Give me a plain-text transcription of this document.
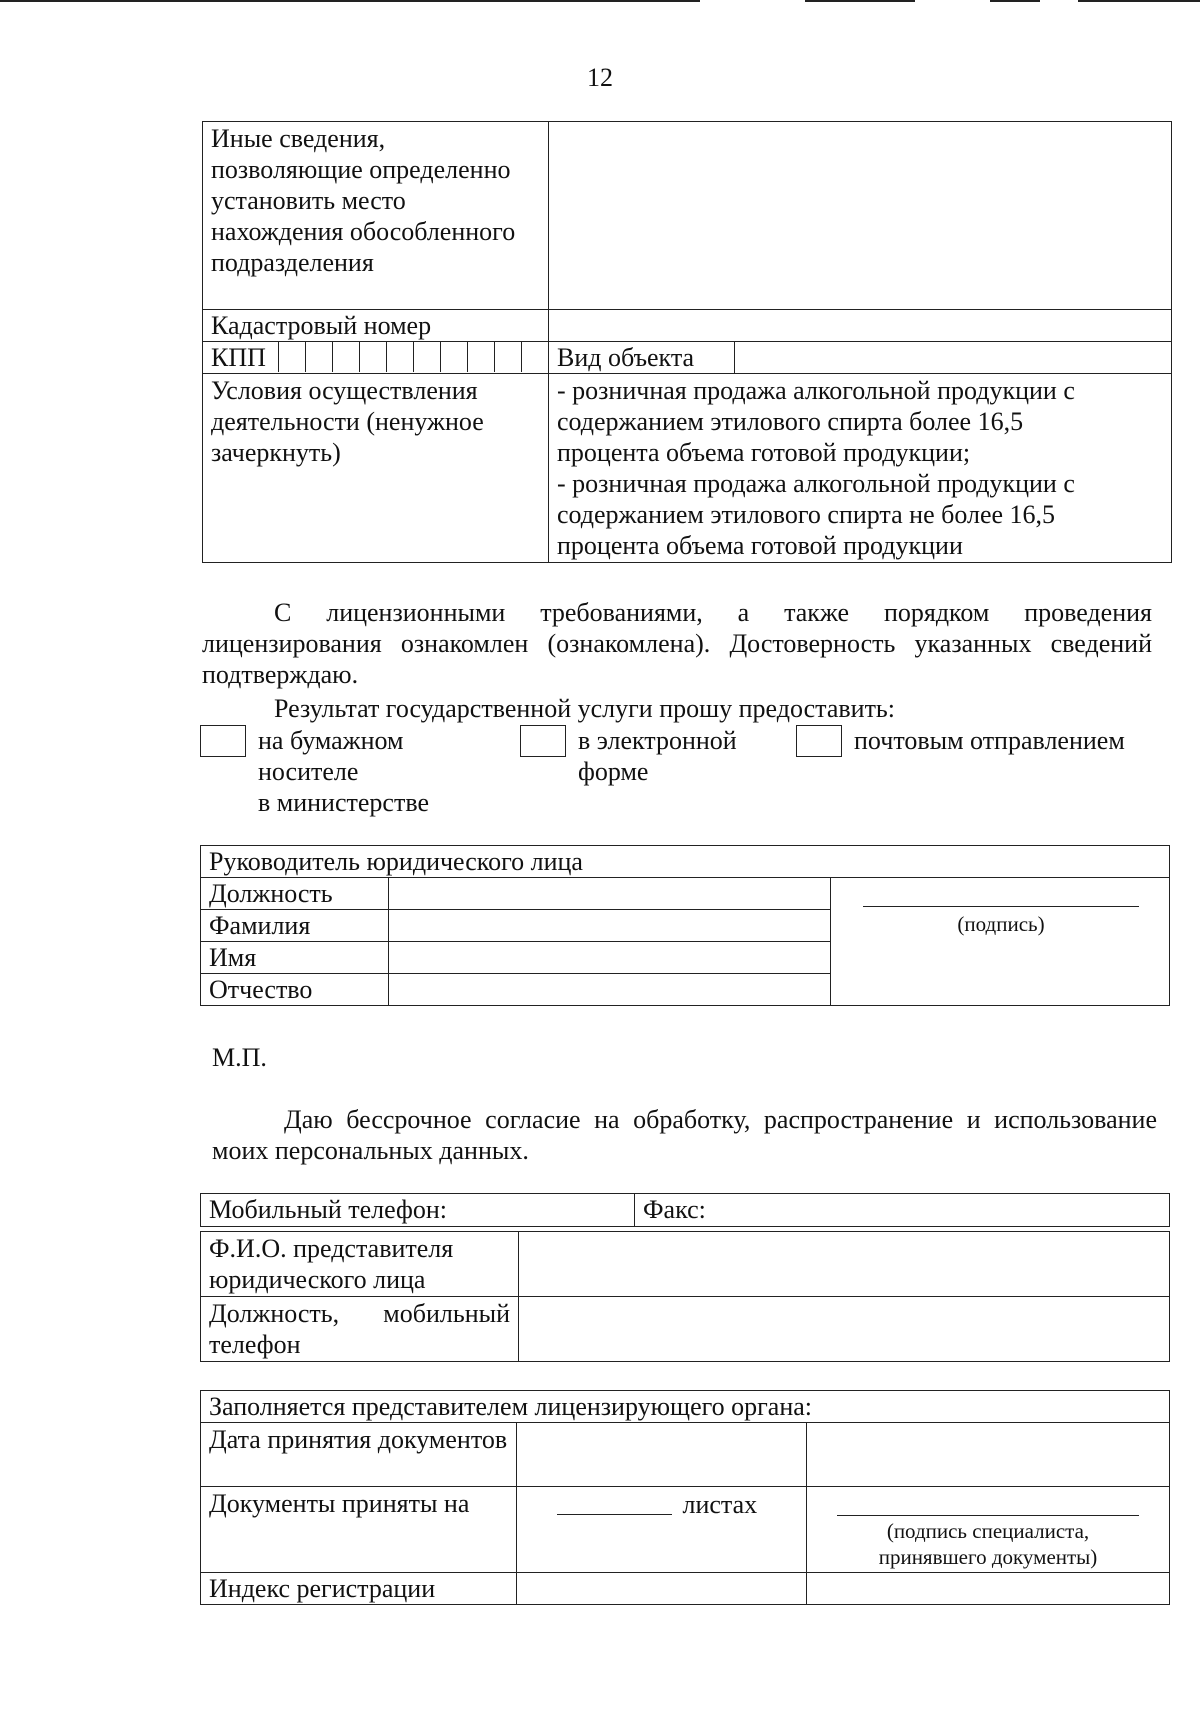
12
Иные сведения, позволяющие определенно установить место нахождения обособленного подразделения		
Кадастровый номер		

КПП	Вид объекта	
Условия осуществления деятельности (ненужное зачеркнуть)	- розничная продажа алкогольной продукции с содержанием этилового спирта более 16,5 процента объема готовой продукции;
- розничная продажа алкогольной продукции с содержанием этилового спирта не более 16,5 процента объема готовой продукции	
С лицензионными требованиями, а также порядком проведения лицензирования ознакомлен (ознакомлена). Достоверность указанных сведений подтверждаю.
Результат государственной услуги прошу предоставить:
на бумажном
носителе
в министерстве
в электронной
форме
почтовым отправлением
Руководитель юридического лица		
Должность		(подпись)

Фамилия		
Имя		
Отчество		
М.П.
Даю бессрочное согласие на обработку, распространение и использование моих персональных данных.
Мобильный телефон:	Факс:
Ф.И.О. представителя юридического лица	
Должность, мобильный телефон	
Заполняется представителем лицензирующего органа:		
Дата принятия документов		
Документы приняты на	листах	(подпись специалиста, принявшего документы)

Индекс регистрации		
